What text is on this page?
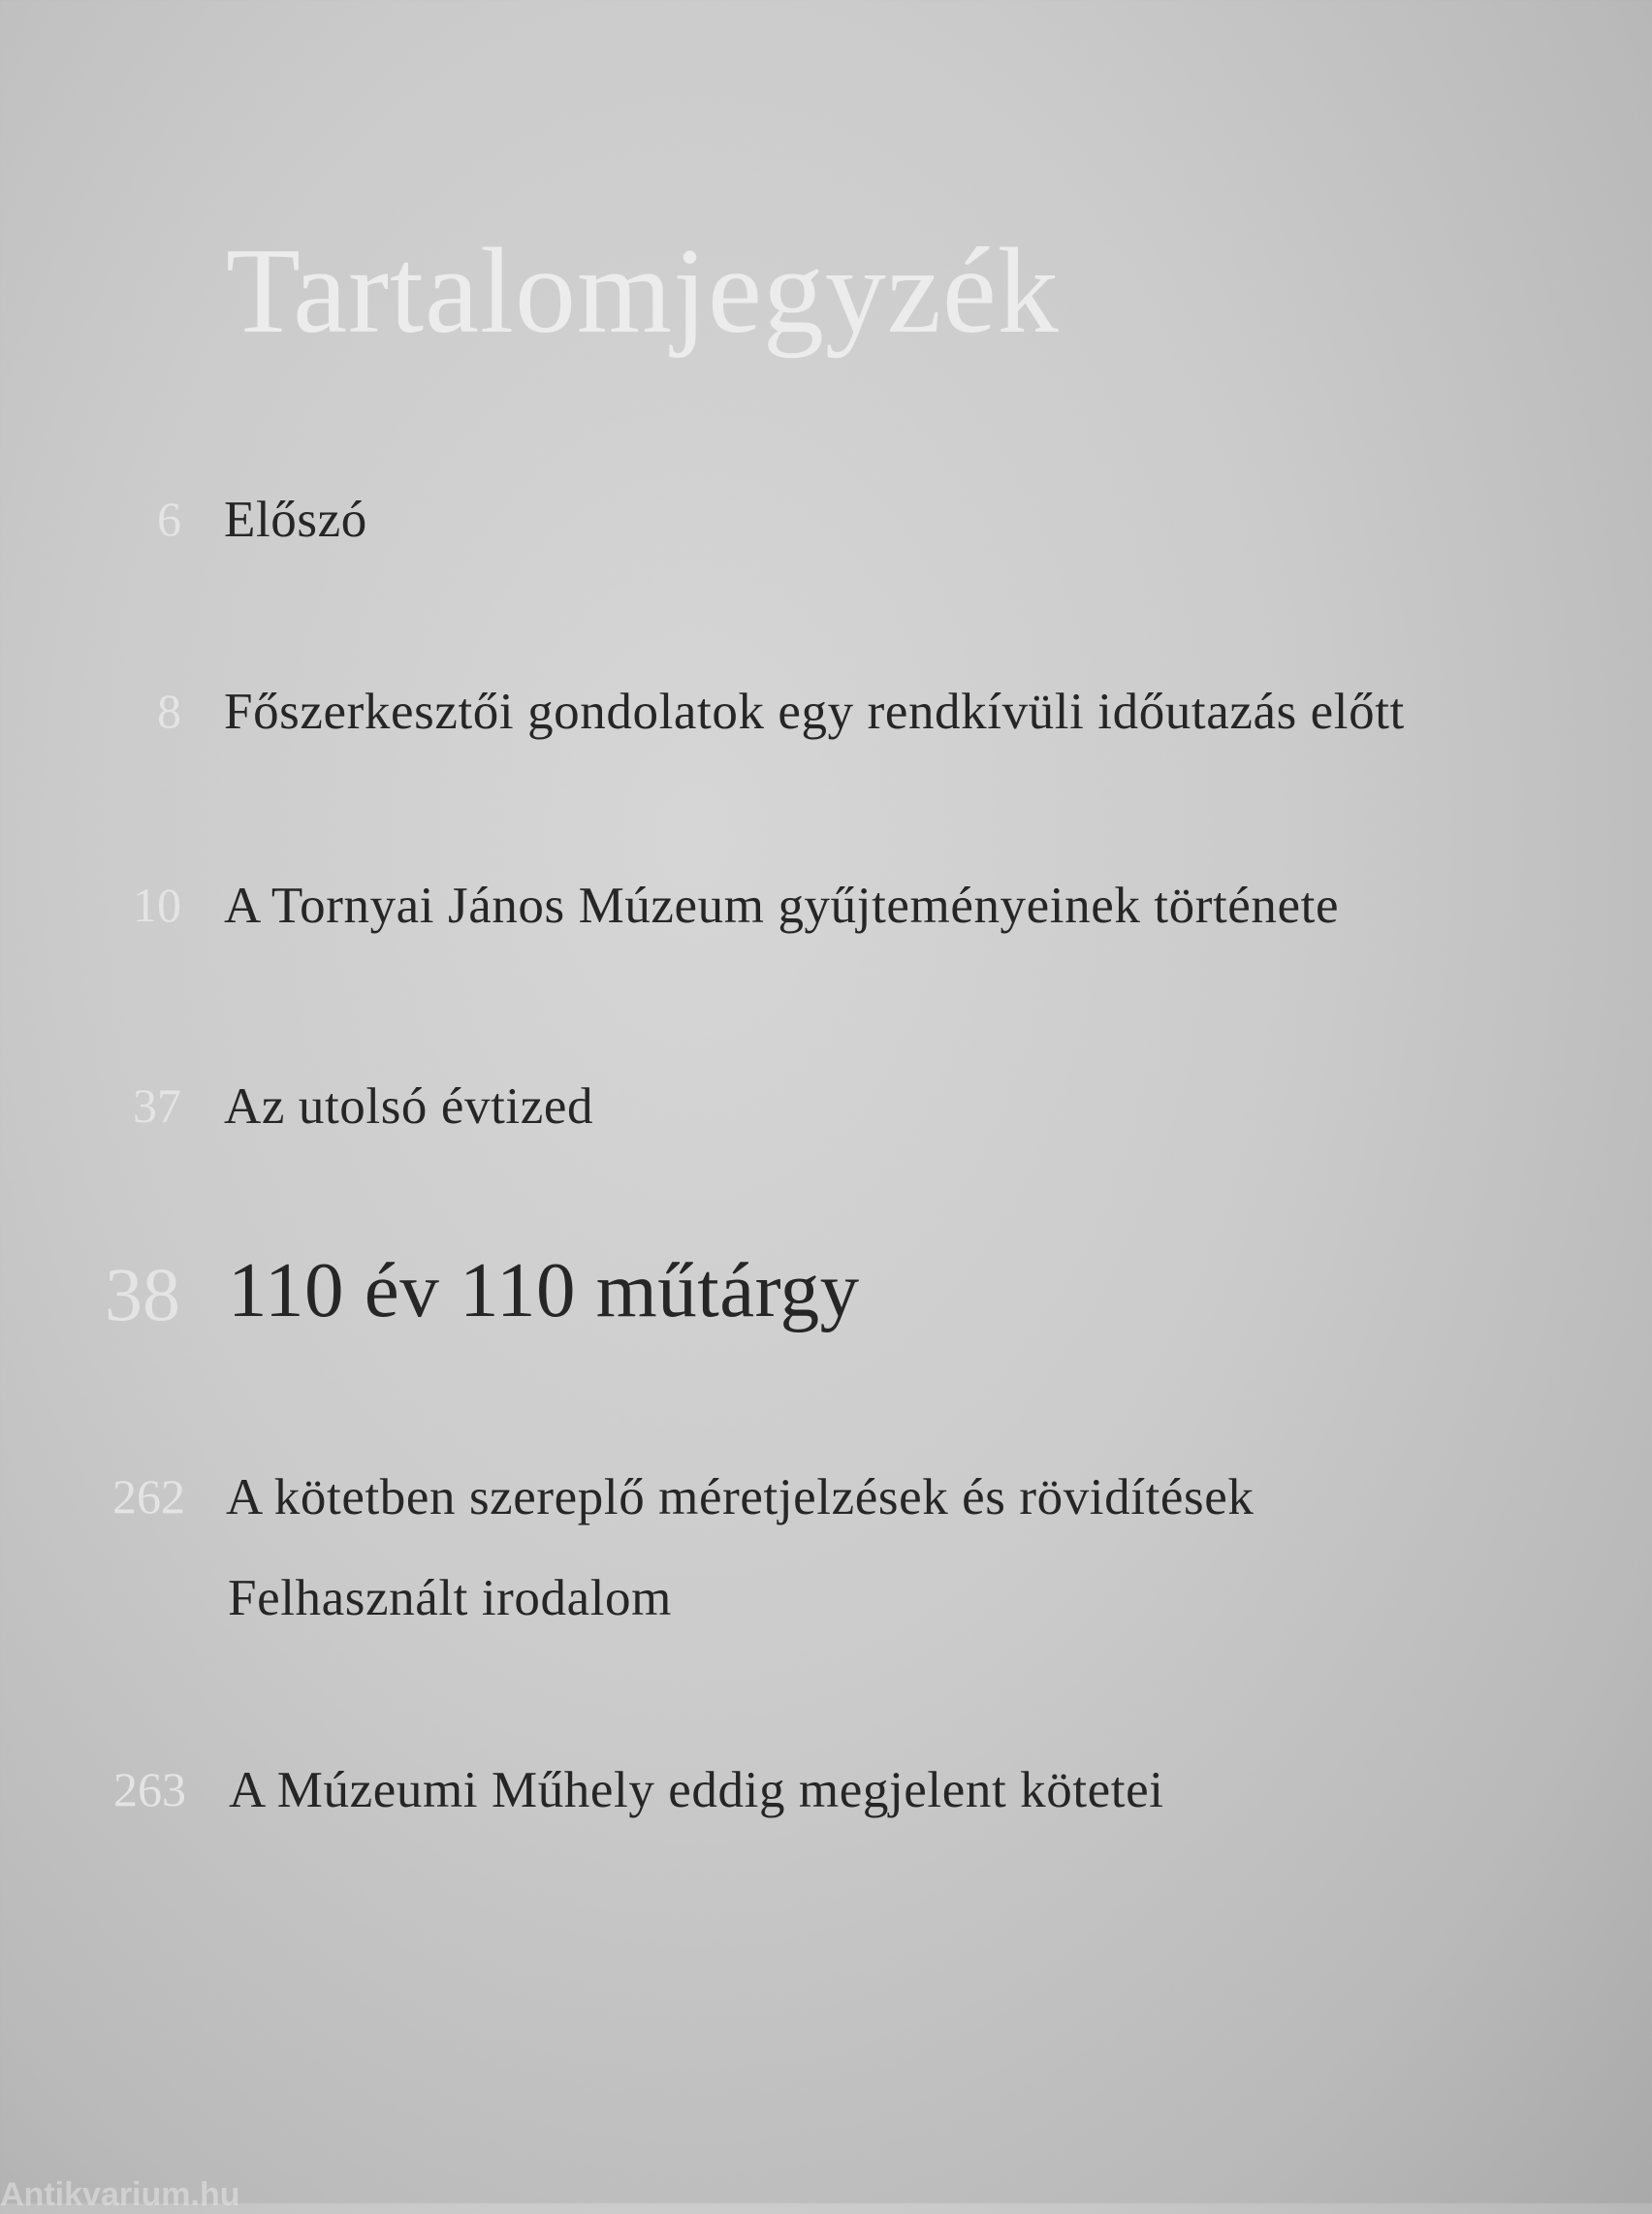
Tartalomjegyzék
6 Előszó
8 Főszerkesztői gondolatok egy rendkívüli időutazás előtt
10 A Tornyai János Múzeum gyűjteményeinek története
37 Az utolsó évtized
38 110 év 110 műtárgy
262 A kötetben szereplő méretjelzések és rövidítések
Felhasznált irodalom
263 A Múzeumi Műhely eddig megjelent kötetei
Antikvarium.hu
